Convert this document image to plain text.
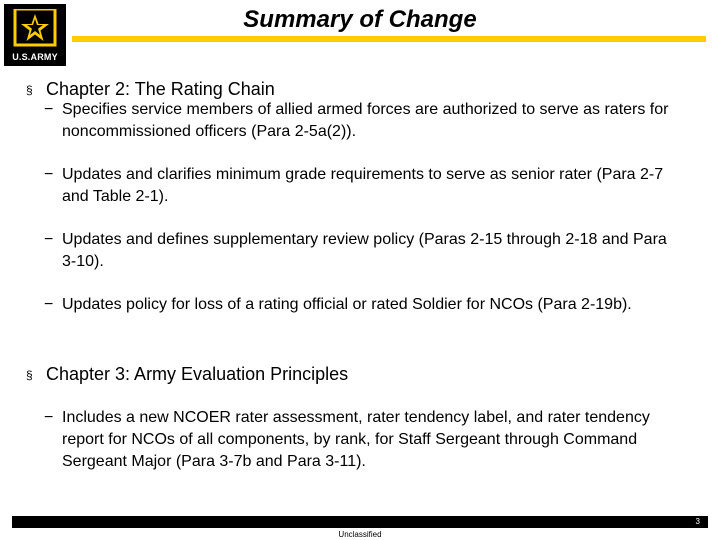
U.S.ARMY
Summary of Change
§ Chapter 2: The Rating Chain
− Specifies service members of allied armed forces are authorized to serve as raters for noncommissioned officers (Para 2-5a(2)).
− Updates and clarifies minimum grade requirements to serve as senior rater (Para 2-7 and Table 2-1).
− Updates and defines supplementary review policy (Paras 2-15 through 2-18 and Para 3-10).
− Updates policy for loss of a rating official or rated Soldier for NCOs (Para 2-19b).
§ Chapter 3: Army Evaluation Principles
− Includes a new NCOER rater assessment, rater tendency label, and rater tendency report for NCOs of all components, by rank, for Staff Sergeant through Command Sergeant Major (Para 3-7b and Para 3-11).
3
Unclassified
